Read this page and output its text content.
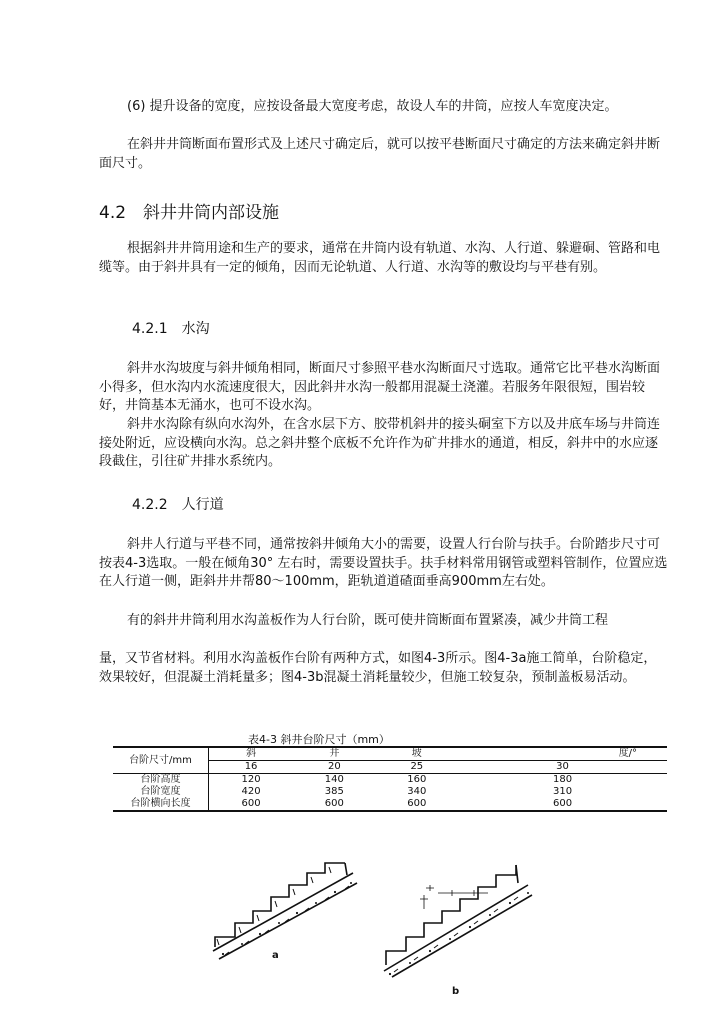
(6) 提升设备的宽度，应按设备最大宽度考虑，故设人车的井筒，应按人车宽度决定。

在斜井井筒断面布置形式及上述尺寸确定后，就可以按平巷断面尺寸确定的方法来确定斜井断面尺寸。

4.2　斜井井筒内部设施

根据斜井井筒用途和生产的要求，通常在井筒内设有轨道、水沟、人行道、躲避硐、管路和电缆等。由于斜井具有一定的倾角，因而无论轨道、人行道、水沟等的敷设均与平巷有别。

4.2.1　水沟

斜井水沟坡度与斜井倾角相同，断面尺寸参照平巷水沟断面尺寸选取。通常它比平巷水沟断面小得多，但水沟内水流速度很大，因此斜井水沟一般都用混凝土浇灌。若服务年限很短，围岩较好，井筒基本无涌水，也可不设水沟。

斜井水沟除有纵向水沟外，在含水层下方、胶带机斜井的接头硐室下方以及井底车场与井筒连接处附近，应设横向水沟。总之斜井整个底板不允许作为矿井排水的通道，相反，斜井中的水应逐段截住，引往矿井排水系统内。

4.2.2　人行道

斜井人行道与平巷不同，通常按斜井倾角大小的需要，设置人行台阶与扶手。台阶踏步尺寸可按表4-3选取。一般在倾角30° 左右时，需要设置扶手。扶手材料常用钢管或塑料管制作，位置应选在人行道一侧，距斜井井帮80～100mm，距轨道道碴面垂高900mm左右处。

有的斜井井筒利用水沟盖板作为人行台阶，既可使井筒断面布置紧凑，减少井筒工程

量，又节省材料。利用水沟盖板作台阶有两种方式，如图4-3所示。图4-3a施工简单，台阶稳定，效果较好，但混凝土消耗量多；图4-3b混凝土消耗量较少，但施工较复杂，预制盖板易活动。

表4-3 斜井台阶尺寸（mm）
台阶尺寸/mm	斜	井	坡	度/°
	16	20	25	30
台阶高度	120	140	160	180
台阶宽度	420	385	340	310
台阶横向长度	600	600	600	600
a
b
